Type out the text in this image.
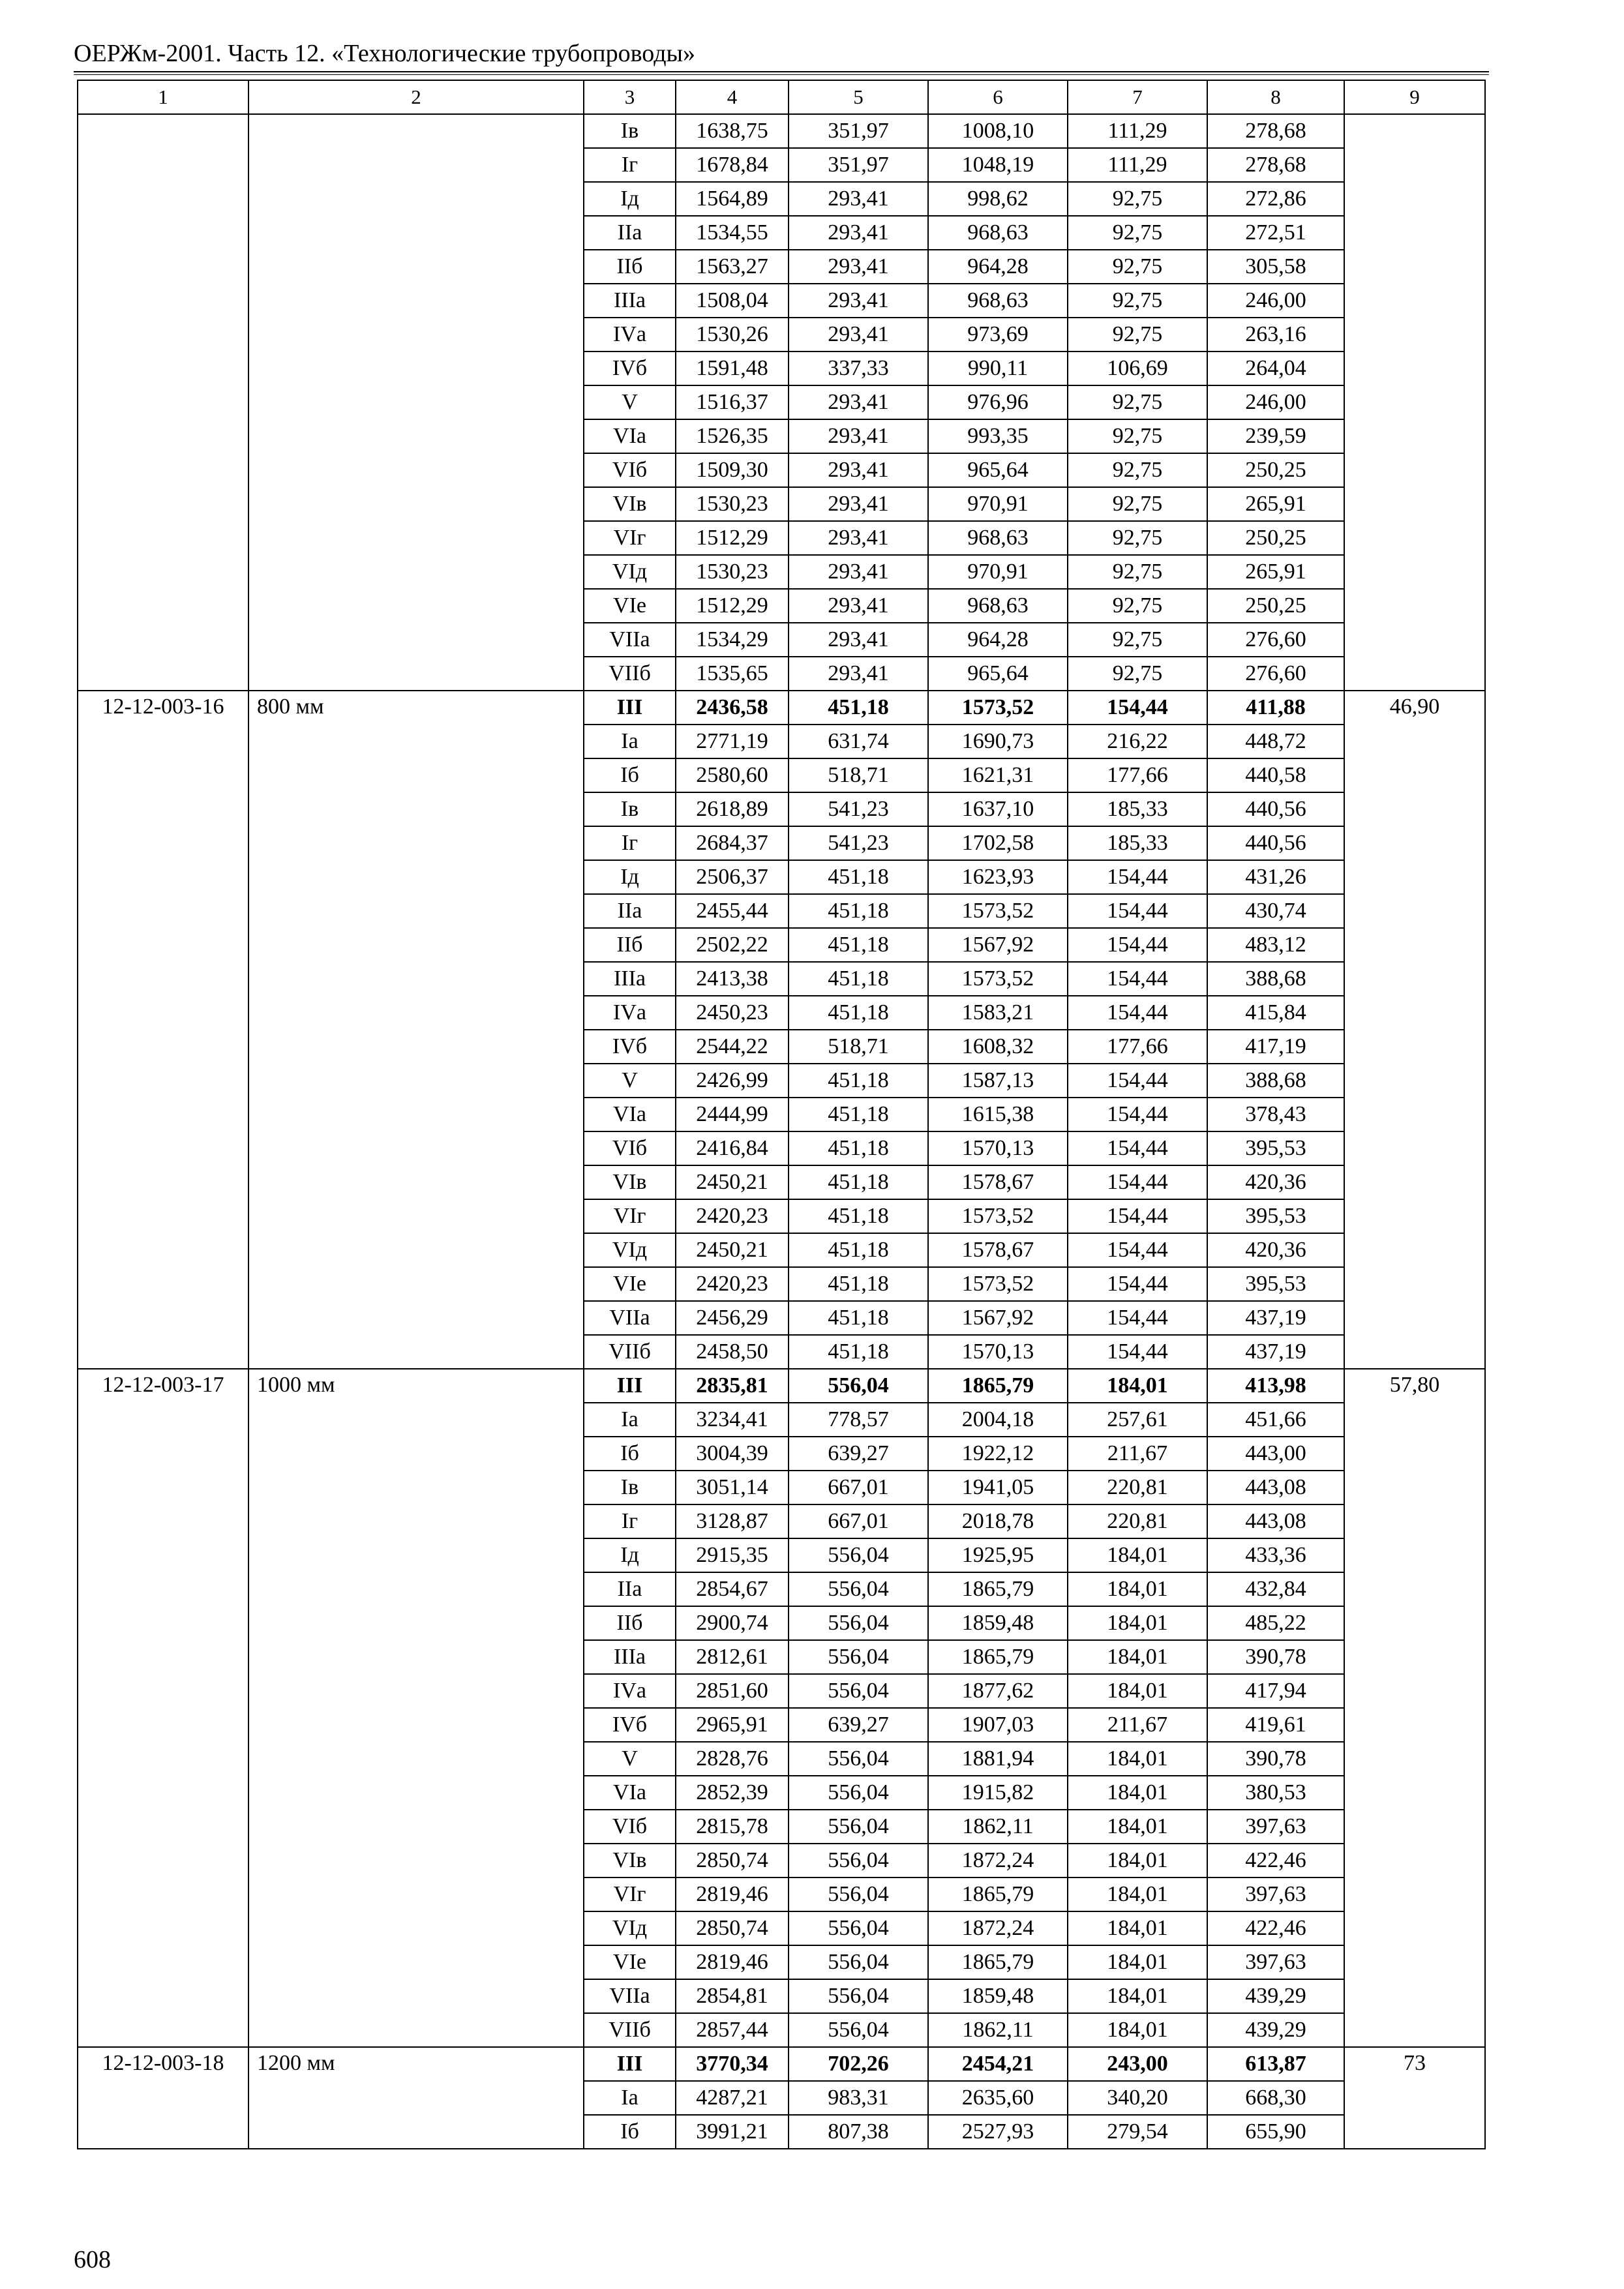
ОЕРЖм-2001. Часть 12. «Технологические трубопроводы»
1	2	3	4	5	6	7	8	9
		Iв	1638,75	351,97	1008,10	111,29	278,68	
		Iг	1678,84	351,97	1048,19	111,29	278,68	
		Iд	1564,89	293,41	998,62	92,75	272,86	
		IIа	1534,55	293,41	968,63	92,75	272,51	
		IIб	1563,27	293,41	964,28	92,75	305,58	
		IIIа	1508,04	293,41	968,63	92,75	246,00	
		IVа	1530,26	293,41	973,69	92,75	263,16	
		IVб	1591,48	337,33	990,11	106,69	264,04	
		V	1516,37	293,41	976,96	92,75	246,00	
		VIа	1526,35	293,41	993,35	92,75	239,59	
		VIб	1509,30	293,41	965,64	92,75	250,25	
		VIв	1530,23	293,41	970,91	92,75	265,91	
		VIг	1512,29	293,41	968,63	92,75	250,25	
		VIд	1530,23	293,41	970,91	92,75	265,91	
		VIе	1512,29	293,41	968,63	92,75	250,25	
		VIIа	1534,29	293,41	964,28	92,75	276,60	
		VIIб	1535,65	293,41	965,64	92,75	276,60	
12-12-003-16	800 мм	III	2436,58	451,18	1573,52	154,44	411,88	46,90
		Iа	2771,19	631,74	1690,73	216,22	448,72	
		Iб	2580,60	518,71	1621,31	177,66	440,58	
		Iв	2618,89	541,23	1637,10	185,33	440,56	
		Iг	2684,37	541,23	1702,58	185,33	440,56	
		Iд	2506,37	451,18	1623,93	154,44	431,26	
		IIа	2455,44	451,18	1573,52	154,44	430,74	
		IIб	2502,22	451,18	1567,92	154,44	483,12	
		IIIа	2413,38	451,18	1573,52	154,44	388,68	
		IVа	2450,23	451,18	1583,21	154,44	415,84	
		IVб	2544,22	518,71	1608,32	177,66	417,19	
		V	2426,99	451,18	1587,13	154,44	388,68	
		VIа	2444,99	451,18	1615,38	154,44	378,43	
		VIб	2416,84	451,18	1570,13	154,44	395,53	
		VIв	2450,21	451,18	1578,67	154,44	420,36	
		VIг	2420,23	451,18	1573,52	154,44	395,53	
		VIд	2450,21	451,18	1578,67	154,44	420,36	
		VIе	2420,23	451,18	1573,52	154,44	395,53	
		VIIа	2456,29	451,18	1567,92	154,44	437,19	
		VIIб	2458,50	451,18	1570,13	154,44	437,19	
12-12-003-17	1000 мм	III	2835,81	556,04	1865,79	184,01	413,98	57,80
		Iа	3234,41	778,57	2004,18	257,61	451,66	
		Iб	3004,39	639,27	1922,12	211,67	443,00	
		Iв	3051,14	667,01	1941,05	220,81	443,08	
		Iг	3128,87	667,01	2018,78	220,81	443,08	
		Iд	2915,35	556,04	1925,95	184,01	433,36	
		IIа	2854,67	556,04	1865,79	184,01	432,84	
		IIб	2900,74	556,04	1859,48	184,01	485,22	
		IIIа	2812,61	556,04	1865,79	184,01	390,78	
		IVа	2851,60	556,04	1877,62	184,01	417,94	
		IVб	2965,91	639,27	1907,03	211,67	419,61	
		V	2828,76	556,04	1881,94	184,01	390,78	
		VIа	2852,39	556,04	1915,82	184,01	380,53	
		VIб	2815,78	556,04	1862,11	184,01	397,63	
		VIв	2850,74	556,04	1872,24	184,01	422,46	
		VIг	2819,46	556,04	1865,79	184,01	397,63	
		VIд	2850,74	556,04	1872,24	184,01	422,46	
		VIе	2819,46	556,04	1865,79	184,01	397,63	
		VIIа	2854,81	556,04	1859,48	184,01	439,29	
		VIIб	2857,44	556,04	1862,11	184,01	439,29	
12-12-003-18	1200 мм	III	3770,34	702,26	2454,21	243,00	613,87	73
		Iа	4287,21	983,31	2635,60	340,20	668,30	
		Iб	3991,21	807,38	2527,93	279,54	655,90	
608
